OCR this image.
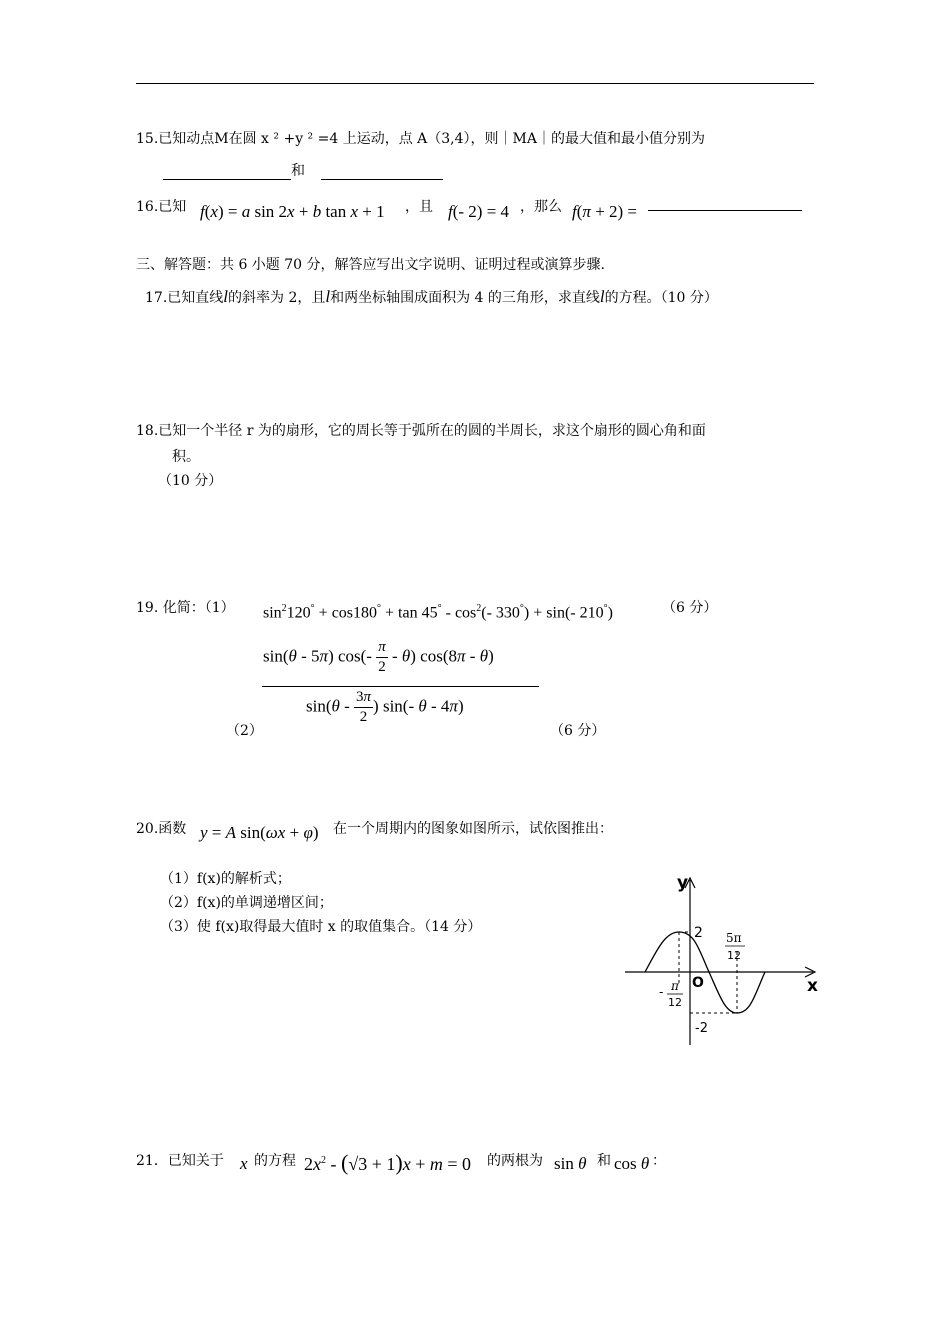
15.已知动点M在圆 x ² +y ² =4 上运动，点 A（3,4），则｜MA｜的最大值和最小值分别为
和
16.已知 f(x) = a sin 2x + b tan x + 1 ，且 f(- 2) = 4 ，那么 f(π + 2) =
三、解答题：共 6 小题 70 分，解答应写出文字说明、证明过程或演算步骤.
17.已知直线l的斜率为 2，且l和两坐标轴围成面积为 4 的三角形，求直线l的方程。（10 分）
18.已知一个半径 r 为的扇形，它的周长等于弧所在的圆的半周长，求这个扇形的圆心角和面
积。
（10 分）
19. 化简：（1） $\sin^2120^\circ + \cos 180^\circ + \tan 45^\circ - \cos^2(-$ 330°) + sin(- 210°)	（6 分）
sin(θ - 5π) $\cos(- \frac{\pi}{2} - \theta)$ cos(8π - θ)
$\sin(\theta - \frac{3\pi}{2}$ ) sin(- θ - 4π)
（2）	（6 分）
20.函数 y = A sin(ωx + φ) 在一个周期内的图象如图所示，试依图推出：
（1）f(x)的解析式；
（2）f(x)的单调递增区间；
（3）使 f(x)取得最大值时 x 的取值集合。（14 分）
y
x
O
2
-2
- π
12
5π
12
21．已知关于 x 的方程 $2x^2 - (√3 + 1)x + m = 0$ 的两根为 sin θ 和 cos θ ：
